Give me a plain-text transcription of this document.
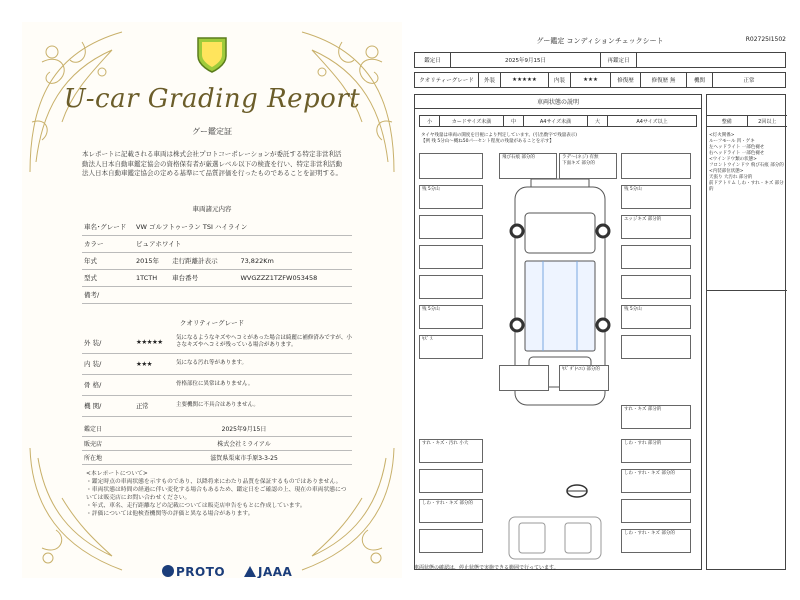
U-car Grading Report
グー鑑定証
本レポートに記載される車両は株式会社プロトコーポレーションが委託する特定非営利活動法人日本自動車鑑定協会の資格保有者が厳選レベル以下の検査を行い、特定非営利活動法人日本自動車鑑定協会の定める基準にて品質評価を行ったものであることを証明する。
車両諸元内容
車名･グレード	VW ゴルフトゥーラン TSI ハイライン		
カラー	ピュアホワイト		
年式	2015年	走行距離計表示	73,822Km
型式	1TCTH	車台番号	WVGZZZ1TZFW053458
備考/			
クオリティーグレード
外 装/	★★★★★	気になるようなキズやヘコミがあった場合は綺麗に補修済みですが、小さなキズやヘコミが残っている場合があります。
内 装/	★★★	気になる汚れ等があります。
骨 格/		骨格部位に異常はありません。
機 関/	正常	主要機関に不具合はありません。
鑑定日	2025年9月15日
販売店	株式会社ミライアル
所在地	滋賀県栗東市手原3-3-25
<本レポートについて>
・鑑定時点の車両状態を示すものであり、以降将来にわたり品質を保証するものではありません。
・車両状態は時間の経過に伴い変化する場合もあるため、鑑定日をご確認の上、現在の車両状態については販売店にお問い合わせください。
・年式、車名、走行距離などの記載については販売店申告をもとに作成しています。
・評価については他検査機関等の評価と異なる場合があります。
PROTO	JAAA
グー鑑定 コンディションチェックシート	R02725I1502
鑑定日	2025年9月15日	再鑑定日
クオリティーグレード	外装	★★★★★	内装	★★★	修復歴	修復歴 無	機関	正常
車両状態の説明
小	カードサイズ未満	中	A4サイズ未満	大	A4サイズ以上
タイヤ残量は車両の開度を目視により判定しています。(引出数字で残量表示)
【例 残 5分山～概ね50パーセント程度の残量があることを示す】
飛び石痕 部分的	ラデ～(ネジ) 有無
下面キズ 部分的
残 5分山	残 5分山
エッジキズ 部分的
残 5分山	残 5分山
ｷｽﾞ ｽ
ｷｽﾞ ﾀﾞ(ﾍｺﾐ) 部分的
すれ・キズ 部分的
すれ・キズ・汚れ 小大	しわ・すれ 部分的
しわ・すれ・キズ 部分的
しわ・すれ・キズ 部分的
しわ・すれ・キズ 部分的
整備	2回以上
<灯火関係>
ルーフモール 凹・ゲキ
左ヘッドライト 一部色褪せ
右ヘッドライト 一部色褪せ
<ウインドウ類の状態>
フロントウインドウ 飛び石痕 部分的
<内装部位状態>
天張り 大汚れ 部分的
前ドアトリム しわ・すれ・キズ 部分的
車両状態の確認は、停止状態で実施できる範囲で行っています。
